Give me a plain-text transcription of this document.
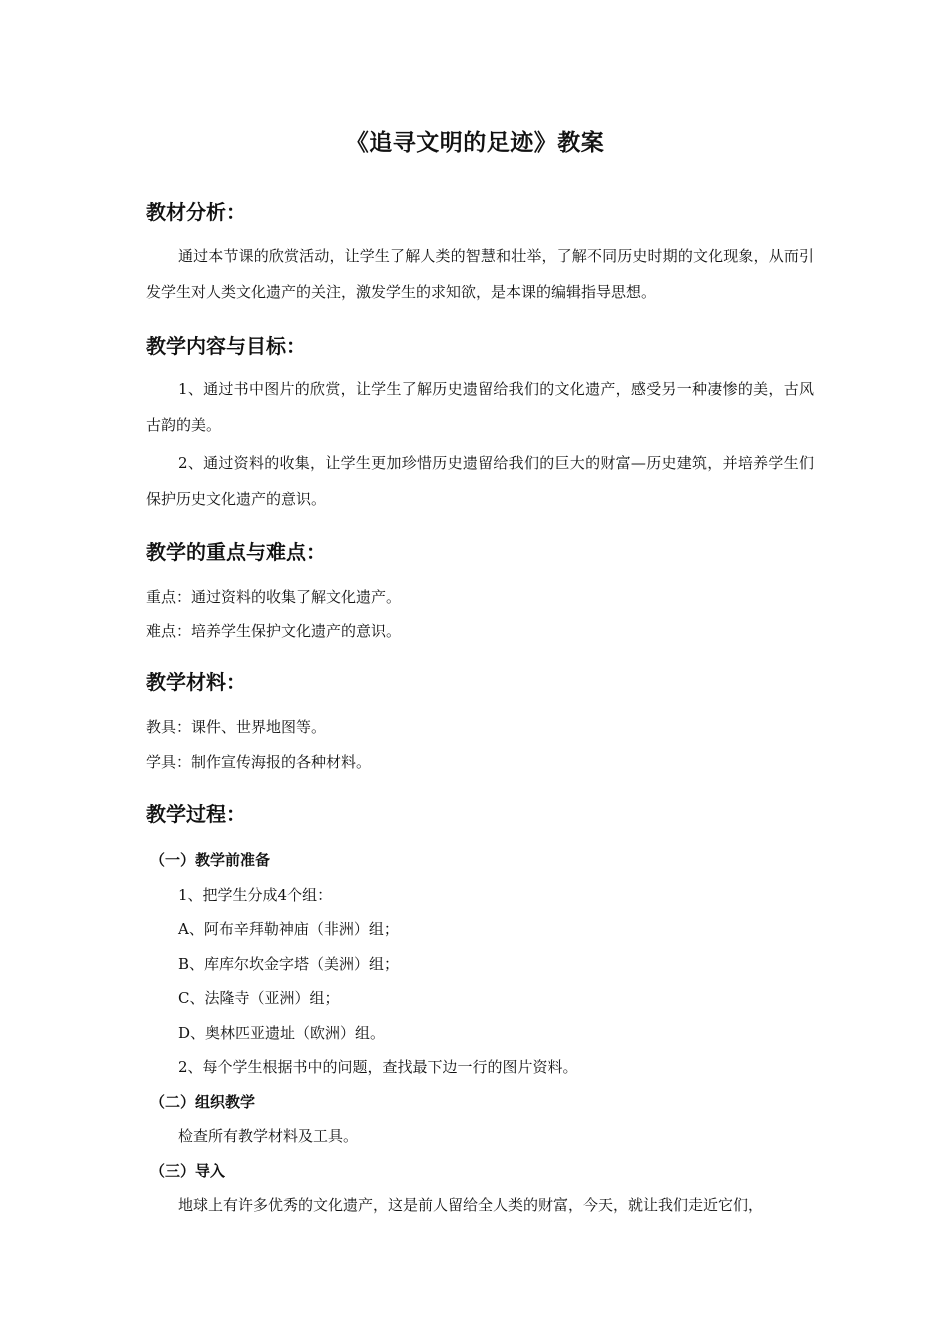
《追寻文明的足迹》教案
教材分析：

通过本节课的欣赏活动，让学生了解人类的智慧和壮举，了解不同历史时期的文化现象，从而引发学生对人类文化遗产的关注，激发学生的求知欲，是本课的编辑指导思想。

教学内容与目标：

1、通过书中图片的欣赏，让学生了解历史遗留给我们的文化遗产，感受另一种凄惨的美，古风古韵的美。

2、通过资料的收集，让学生更加珍惜历史遗留给我们的巨大的财富—历史建筑，并培养学生们保护历史文化遗产的意识。

教学的重点与难点：

重点：通过资料的收集了解文化遗产。

难点：培养学生保护文化遗产的意识。

教学材料：

教具：课件、世界地图等。

学具：制作宣传海报的各种材料。

教学过程：

（一）教学前准备

1、把学生分成4个组：

A、阿布辛拜勒神庙（非洲）组；

B、库库尔坎金字塔（美洲）组；

C、法隆寺（亚洲）组；

D、奥林匹亚遗址（欧洲）组。

2、每个学生根据书中的问题，查找最下边一行的图片资料。

（二）组织教学

检查所有教学材料及工具。

（三）导入

地球上有许多优秀的文化遗产，这是前人留给全人类的财富，今天，就让我们走近它们，
